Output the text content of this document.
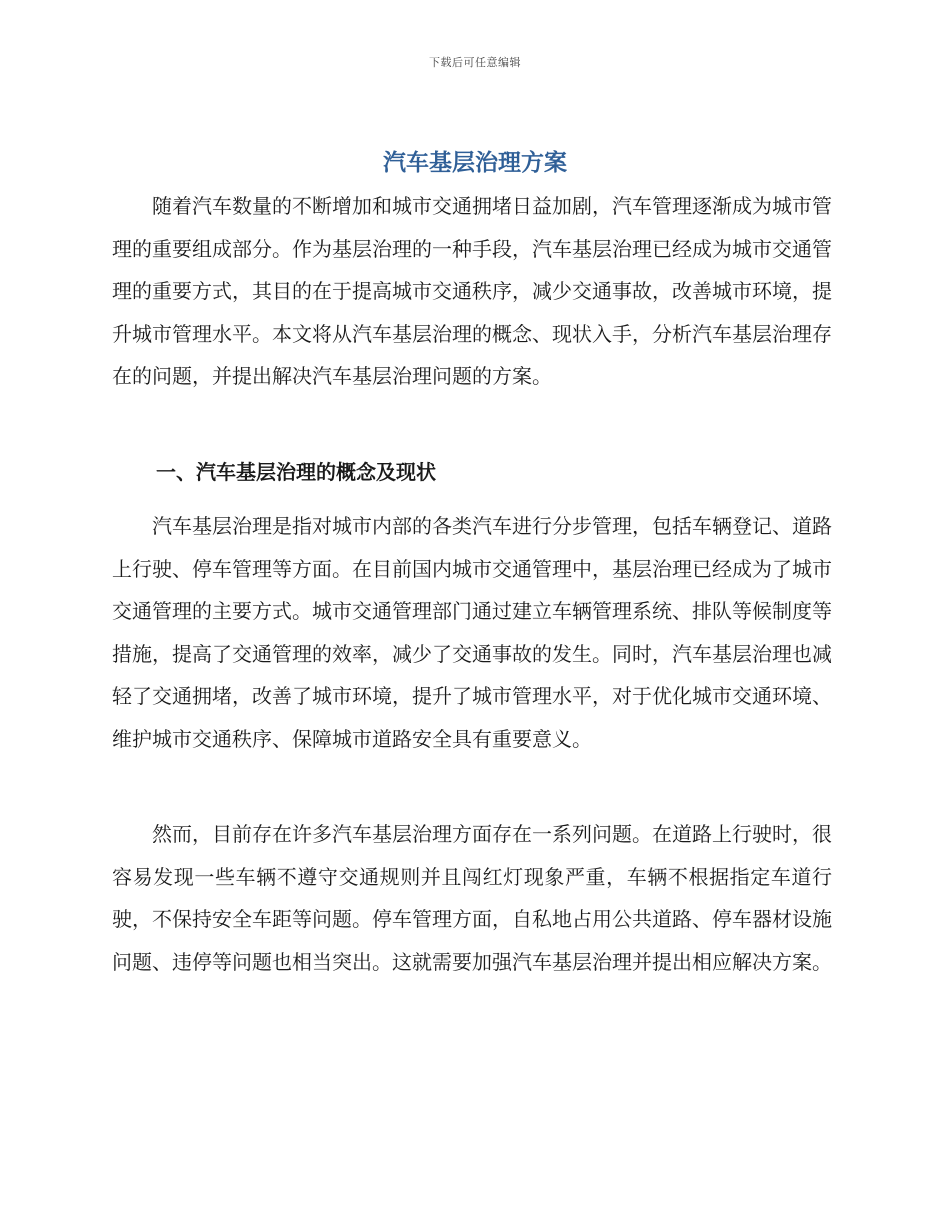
下载后可任意编辑
汽车基层治理方案

随着汽车数量的不断增加和城市交通拥堵日益加剧，汽车管理逐渐成为城市管理的重要组成部分。作为基层治理的一种手段，汽车基层治理已经成为城市交通管理的重要方式，其目的在于提高城市交通秩序，减少交通事故，改善城市环境，提升城市管理水平。本文将从汽车基层治理的概念、现状入手，分析汽车基层治理存在的问题，并提出解决汽车基层治理问题的方案。

一、汽车基层治理的概念及现状

汽车基层治理是指对城市内部的各类汽车进行分步管理，包括车辆登记、道路上行驶、停车管理等方面。在目前国内城市交通管理中，基层治理已经成为了城市交通管理的主要方式。城市交通管理部门通过建立车辆管理系统、排队等候制度等措施，提高了交通管理的效率，减少了交通事故的发生。同时，汽车基层治理也减轻了交通拥堵，改善了城市环境，提升了城市管理水平，对于优化城市交通环境、维护城市交通秩序、保障城市道路安全具有重要意义。

然而，目前存在许多汽车基层治理方面存在一系列问题。在道路上行驶时，很容易发现一些车辆不遵守交通规则并且闯红灯现象严重，车辆不根据指定车道行驶，不保持安全车距等问题。停车管理方面，自私地占用公共道路、停车器材设施问题、违停等问题也相当突出。这就需要加强汽车基层治理并提出相应解决方案。
